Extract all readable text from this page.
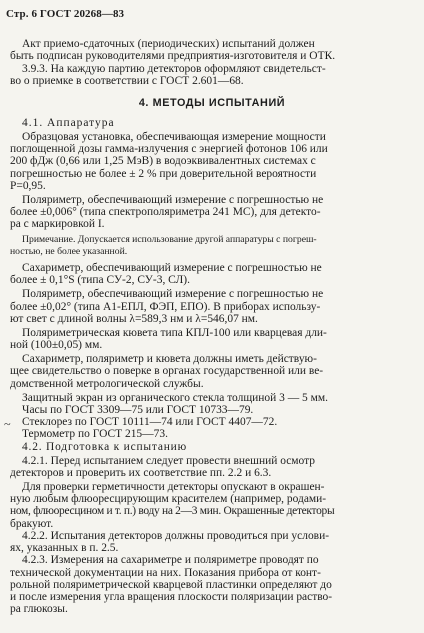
Стр. 6 ГОСТ 20268—83

Акт приемо-сдаточных (периодических) испытаний должен

быть подписан руководителями предприятия-изготовителя и ОТК.

3.9.3. На каждую партию детекторов оформляют свидетельст-

во о приемке в соответствии с ГОСТ 2.601—68.

4. МЕТОДЫ ИСПЫТАНИЙ

4.1. Аппаратура

Образцовая установка, обеспечивающая измерение мощности

поглощенной дозы гамма-излучения с энергией фотонов 106 или

200 фДж (0,66 или 1,25 МэВ) в водоэквивалентных системах с

погрешностью не более ± 2 % при доверительной вероятности

P=0,95.

Поляриметр, обеспечивающий измерение с погрешностью не

более ±0,006° (типа спектрополяриметра 241 МС), для детекто-

ра с маркировкой I.

Примечание. Допускается использование другой аппаратуры с погреш-

ностью, не более указанной.

Сахариметр, обеспечивающий измерение с погрешностью не

более ± 0,1°S (типа СУ-2, СУ-3, СЛ).

Поляриметр, обеспечивающий измерение с погрешностью не

более ±0,02° (типа А1-ЕПЛ, ФЭП, ЕПО). В приборах использу-

ют свет с длиной волны λ=589,3 нм и λ=546,07 нм.

Поляриметрическая кювета типа КПЛ-100 или кварцевая дли-

ной (100±0,05) мм.

Сахариметр, поляриметр и кювета должны иметь действую-

щее свидетельство о поверке в органах государственной или ве-

домственной метрологической службы.

Защитный экран из органического стекла толщиной 3 — 5 мм.

Часы по ГОСТ 3309—75 или ГОСТ 10733—79.

~ Стеклорез по ГОСТ 10111—74 или ГОСТ 4407—72.

Термометр по ГОСТ 215—73.

4.2. Подготовка к испытанию

4.2.1. Перед испытанием следует провести внешний осмотр

детекторов и проверить их соответствие пп. 2.2 и 6.3.

Для проверки герметичности детекторы опускают в окрашен-

ную любым флюоресцирующим красителем (например, родами-

ном, флюоресцином и т. п.) воду на 2—3 мин. Окрашенные детекторы

бракуют.

4.2.2. Испытания детекторов должны проводиться при услови-

ях, указанных в п. 2.5.

4.2.3. Измерения на сахариметре и поляриметре проводят по

технической документации на них. Показания прибора от конт-

рольной поляриметрической кварцевой пластинки определяют до

и после измерения угла вращения плоскости поляризации раство-

ра глюкозы.
